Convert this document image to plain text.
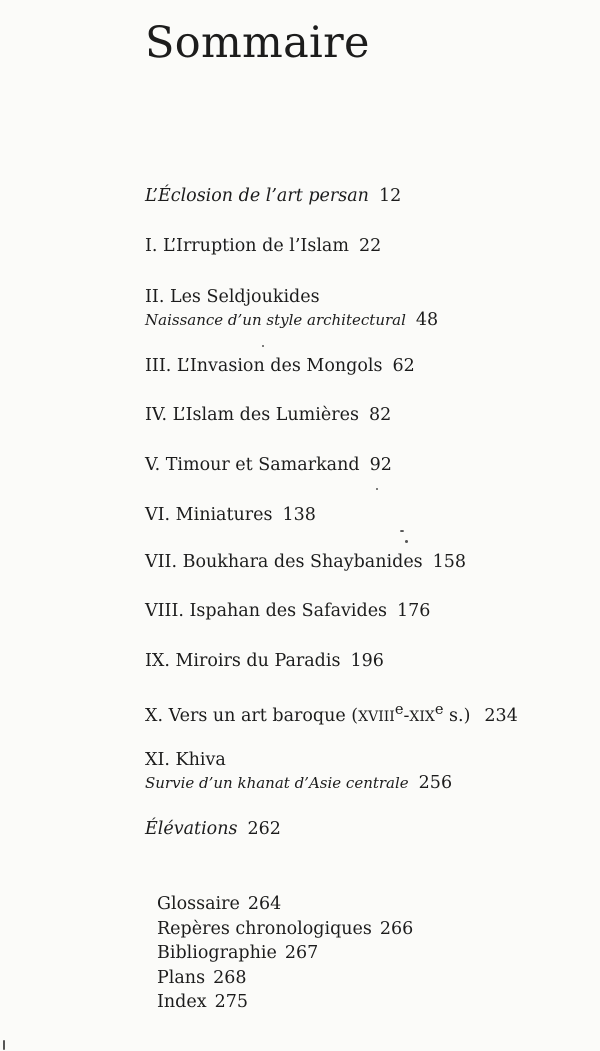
Sommaire
L’Éclosion de l’art persan 12
I. L’Irruption de l’Islam 22
II. Les Seldjoukides
Naissance d’un style architectural 48
III. L’Invasion des Mongols 62
IV. L’Islam des Lumières 82
V. Timour et Samarkand 92
VI. Miniatures 138
VII. Boukhara des Shaybanides 158
VIII. Ispahan des Safavides 176
IX. Miroirs du Paradis 196
X. Vers un art baroque (XVIIIe-XIXe s.) 234
XI. Khiva
Survie d’un khanat d’Asie centrale 256
Élévations 262
Glossaire 264
Repères chronologiques 266
Bibliographie 267
Plans 268
Index 275
